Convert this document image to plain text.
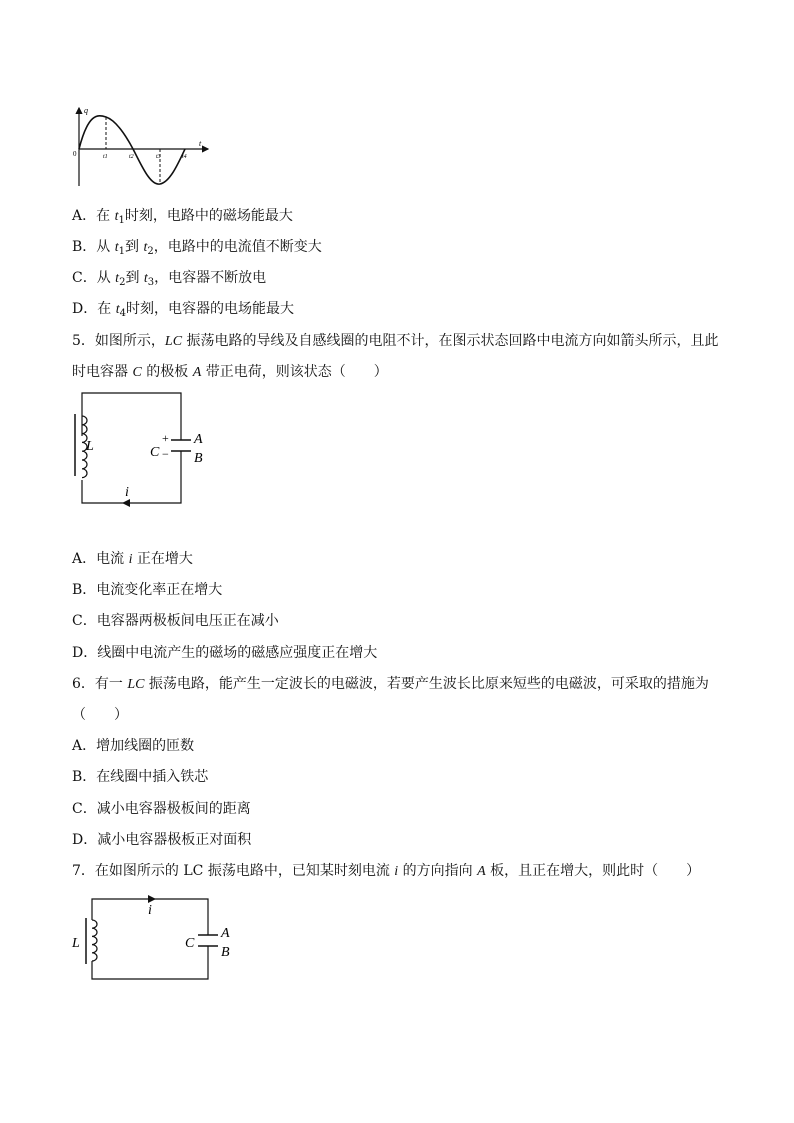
q
t
0	t1	t2	t3	t4
A．在 $t_1$时刻，电路中的磁场能最大
B．从 $t_1$到 $t_2$，电路中的电流值不断变大
C．从 $t_2$到 $t_3$，电容器不断放电
D．在 $t_4$时刻，电容器的电场能最大
5．如图所示，LC 振荡电路的导线及自感线圈的电阻不计，在图示状态回路中电流方向如箭头所示，且此
时电容器 C 的极板 A 带正电荷，则该状态（　　）
L	C
+
−
A
B
i
A．电流 i 正在增大
B．电流变化率正在增大
C．电容器两极板间电压正在减小
D．线圈中电流产生的磁场的磁感应强度正在增大
6．有一 LC 振荡电路，能产生一定波长的电磁波，若要产生波长比原来短些的电磁波，可采取的措施为
（　　）
A．增加线圈的匝数
B．在线圈中插入铁芯
C．减小电容器极板间的距离
D．减小电容器极板正对面积
7．在如图所示的 LC 振荡电路中，已知某时刻电流 i 的方向指向 A 板，且正在增大，则此时（　　）
L	C
A
B
i
